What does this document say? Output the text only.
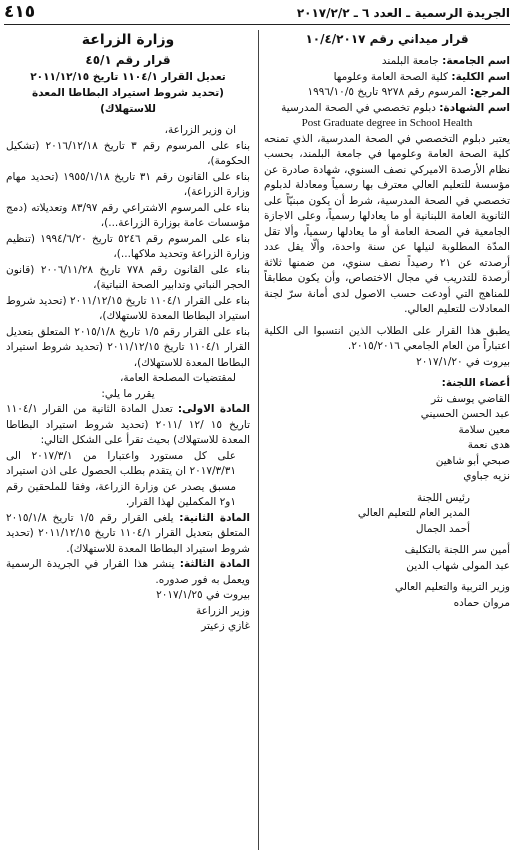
الجريدة الرسمية ـ العدد ٦ ـ ٢٠١٧/٢/٢
٤١٥

قرار ميداني رقم ١٠/٤/٢٠١٧

اسم الجامعة: جامعة البلمند

اسم الكلية: كلية الصحة العامة وعلومها

المرجع: المرسوم رقم ٩٢٧٨ تاريخ ١٩٩٦/١٠/٥

اسم الشهادة: دبلوم تخصصي في الصحة المدرسية

Post Graduate degree in School Health

يعتبر دبلوم التخصصي في الصحة المدرسية، الذي تمنحه كلية الصحة العامة وعلومها في جامعة البلمند، بحسب نظام الأرصدة الاميركي نصف السنوي، شهادة صادرة عن مؤسسة للتعليم العالي معترف بها رسمياً ومعادلة لدبلوم تخصصي في الصحة المدرسية، شرط أن يكون مبنيّاً على الثانوية العامة اللبنانية أو ما يعادلها رسمياً، وعلى الاجازة الجامعية في الصحة العامة أو ما يعادلها رسمياً، وألا تقل المدّة المطلوبة لنيلها عن سنة واحدة، وألّا يقل عدد أرصدته عن ٢١ رصيداً نصف سنوي، من ضمنها ثلاثة أرصدة للتدريب في مجال الاختصاص، وأن يكون مطابقاً للمناهج التي أودعت حسب الاصول لدى أمانة سرّ لجنة المعادلات للتعليم العالي.

يطبق هذا القرار على الطلاب الذين انتسبوا الى الكلية اعتباراً من العام الجامعي ٢٠١٥/٢٠١٦.

بيروت في ٢٠١٧/١/٢٠

أعضاء اللجنة:

القاضي يوسف نثر

عبد الحسن الحسيني

معين سلامة

هدى نعمة

صبحي أبو شاهين

نزيه جباوي

رئيس اللجنة

المدير العام للتعليم العالي

أحمد الجمال

أمين سر اللجنة بالتكليف

عبد المولى شهاب الدين

وزير التربية والتعليم العالي

مروان حماده

وزارة الزراعة

قرار رقم ٤٥/١

تعديل القرار ١١٠٤/١ تاريخ ٢٠١١/١٢/١٥

(تحديد شروط استيراد البطاطا المعدة للاستهلاك)

ان وزير الزراعة،

بناء على المرسوم رقم ٣ تاريخ ٢٠١٦/١٢/١٨ (تشكيل الحكومة)،

بناء على القانون رقم ٣١ تاريخ ١٩٥٥/١/١٨ (تحديد مهام وزارة الزراعة)،

بناء على المرسوم الاشتراعي رقم ٨٣/٩٧ وتعديلاته (دمج مؤسسات عامة بوزارة الزراعة...)،

بناء على المرسوم رقم ٥٢٤٦ تاريخ ١٩٩٤/٦/٢٠ (تنظيم وزارة الزراعة وتحديد ملاكها...)،

بناء على القانون رقم ٧٧٨ تاريخ ٢٠٠٦/١١/٢٨ (قانون الحجر النباتي وتدابير الصحة النباتية)،

بناء على القرار ١١٠٤/١ تاريخ ٢٠١١/١٢/١٥ (تحديد شروط استيراد البطاطا المعدة للاستهلاك)،

بناء على القرار رقم ١/٥ تاريخ ٢٠١٥/١/٨ المتعلق بتعديل القرار ١١٠٤/١ تاريخ ٢٠١١/١٢/١٥ (تحديد شروط استيراد البطاطا المعدة للاستهلاك)،

لمقتضيات المصلحة العامة،

يقرر ما يلي:

المادة الاولى: تعدل المادة الثانية من القرار ١١٠٤/١ تاريخ ١٥ /١٢ /٢٠١١ (تحديد شروط استيراد البطاطا المعدة للاستهلاك) بحيث تقرأ على الشكل التالي:

على كل مستورد واعتبارا من ٢٠١٧/٣/١ الى ٢٠١٧/٣/٣١ ان يتقدم بطلب الحصول على اذن استيراد مسبق يصدر عن وزارة الزراعة، وفقا للملحقين رقم ١و٢ المكملين لهذا القرار.

المادة الثانية: يلغى القرار رقم ١/٥ تاريخ ٢٠١٥/١/٨ المتعلق بتعديل القرار ١١٠٤/١ تاريخ ٢٠١١/١٢/١٥ (تحديد شروط استيراد البطاطا المعدة للاستهلاك).

المادة الثالثة: ينشر هذا القرار في الجريدة الرسمية ويعمل به فور صدوره.

بيروت في ٢٠١٧/١/٢٥

وزير الزراعة

غازي زعيتر
